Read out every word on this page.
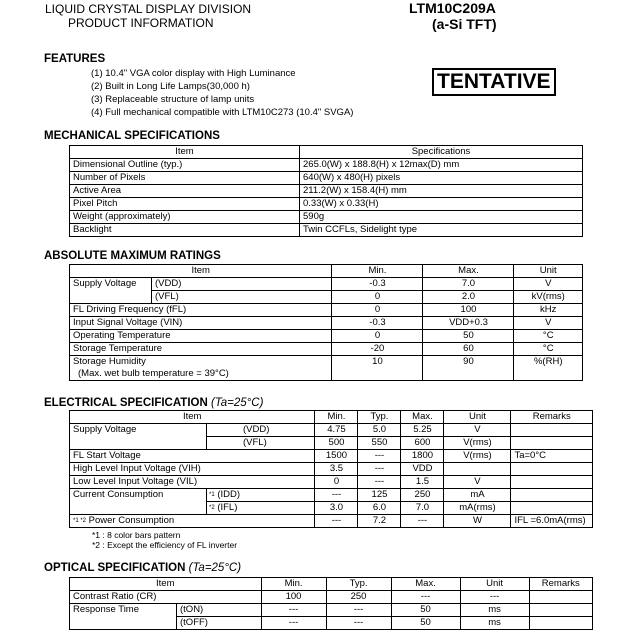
LIQUID CRYSTAL DISPLAY DIVISION
PRODUCT INFORMATION
LTM10C209A
(a-Si TFT)
FEATURES
(1) 10.4" VGA color display with High Luminance
(2) Built in Long Life Lamps(30,000 h)
(3) Replaceable structure of lamp units
(4) Full mechanical compatible with LTM10C273 (10.4" SVGA)
TENTATIVE
MECHANICAL SPECIFICATIONS
Item	Specifications
Dimensional Outline (typ.)	265.0(W) x 188.8(H) x 12max(D) mm
Number of Pixels	640(W) x 480(H) pixels
Active Area	211.2(W) x 158.4(H) mm
Pixel Pitch	0.33(W) x 0.33(H)
Weight (approximately)	590g
Backlight	Twin CCFLs, Sidelight type
ABSOLUTE MAXIMUM RATINGS
Item		Min.	Max.	Unit
Supply Voltage	(VDD)	-0.3	7.0	V
	(VFL)	0	2.0	kV(rms)
FL Driving Frequency (fFL)		0	100	kHz
Input Signal Voltage (VIN)		-0.3	VDD+0.3	V
Operating Temperature		0	50	°C
Storage Temperature		-20	60	°C
Storage Humidity		10	90	%(RH)
(Max. wet bulb temperature = 39°C)				
ELECTRICAL SPECIFICATION (Ta=25°C)
Item		Min.	Typ.	Max.	Unit	Remarks
Supply Voltage	(VDD)	4.75	5.0	5.25	V	
	(VFL)	500	550	600	V(rms)	
FL Start Voltage		1500	---	1800	V(rms)	Ta=0°C
High Level Input Voltage (VIH)		3.5	---	VDD		
Low Level Input Voltage (VIL)		0	---	1.5	V	
Current Consumption	$^{*1}$ (IDD)	---	125	250	mA	
	$^{*2}$ (IFL)	3.0	6.0	7.0	mA(rms)	
$^{*1 *2}$ Power Consumption		---	7.2	---	W	IFL =6.0mA(rms)
*1 : 8 color bars pattern
*2 : Except the efficiency of FL inverter
OPTICAL SPECIFICATION (Ta=25°C)
Item		Min.	Typ.	Max.	Unit	Remarks
Contrast Ratio (CR)		100	250	---	---	
Response Time	(tON)	---	---	50	ms	
	(tOFF)	---	---	50	ms	
